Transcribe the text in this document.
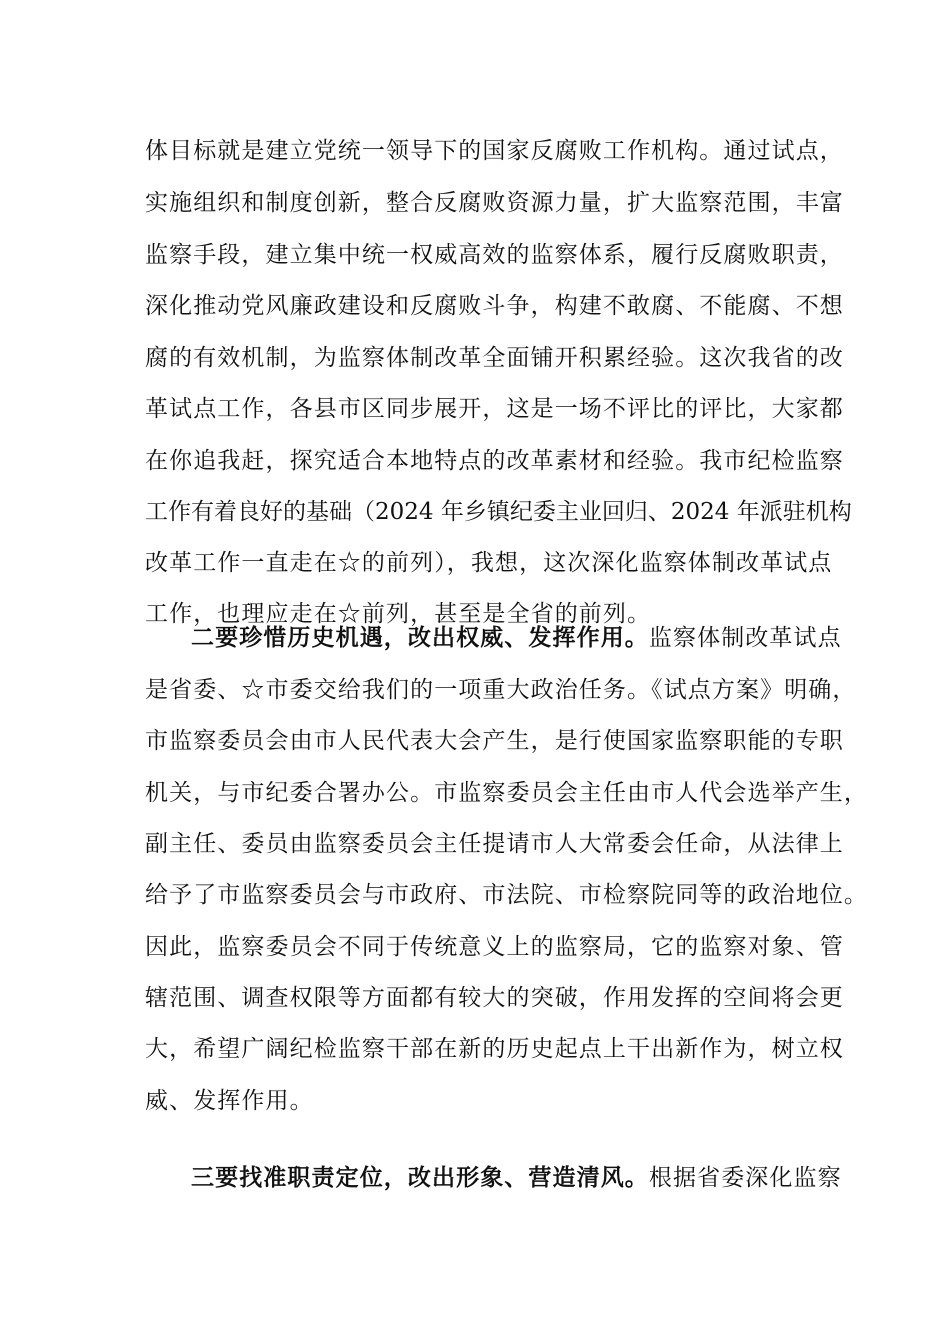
体目标就是建立党统一领导下的国家反腐败工作机构。通过试点，
实施组织和制度创新，整合反腐败资源力量，扩大监察范围，丰富
监察手段，建立集中统一权威高效的监察体系，履行反腐败职责，
深化推动党风廉政建设和反腐败斗争，构建不敢腐、不能腐、不想
腐的有效机制，为监察体制改革全面铺开积累经验。这次我省的改
革试点工作，各县市区同步展开，这是一场不评比的评比，大家都
在你追我赶，探究适合本地特点的改革素材和经验。我市纪检监察
工作有着良好的基础（2024 年乡镇纪委主业回归、2024 年派驻机构
改革工作一直走在☆的前列），我想，这次深化监察体制改革试点
工作，也理应走在☆前列，甚至是全省的前列。
二要珍惜历史机遇，改出权威、发挥作用。监察体制改革试点
是省委、☆市委交给我们的一项重大政治任务。《试点方案》明确，
市监察委员会由市人民代表大会产生，是行使国家监察职能的专职
机关，与市纪委合署办公。市监察委员会主任由市人代会选举产生，
副主任、委员由监察委员会主任提请市人大常委会任命，从法律上
给予了市监察委员会与市政府、市法院、市检察院同等的政治地位。
因此，监察委员会不同于传统意义上的监察局，它的监察对象、管
辖范围、调查权限等方面都有较大的突破，作用发挥的空间将会更
大，希望广阔纪检监察干部在新的历史起点上干出新作为，树立权
威、发挥作用。
三要找准职责定位，改出形象、营造清风。根据省委深化监察
